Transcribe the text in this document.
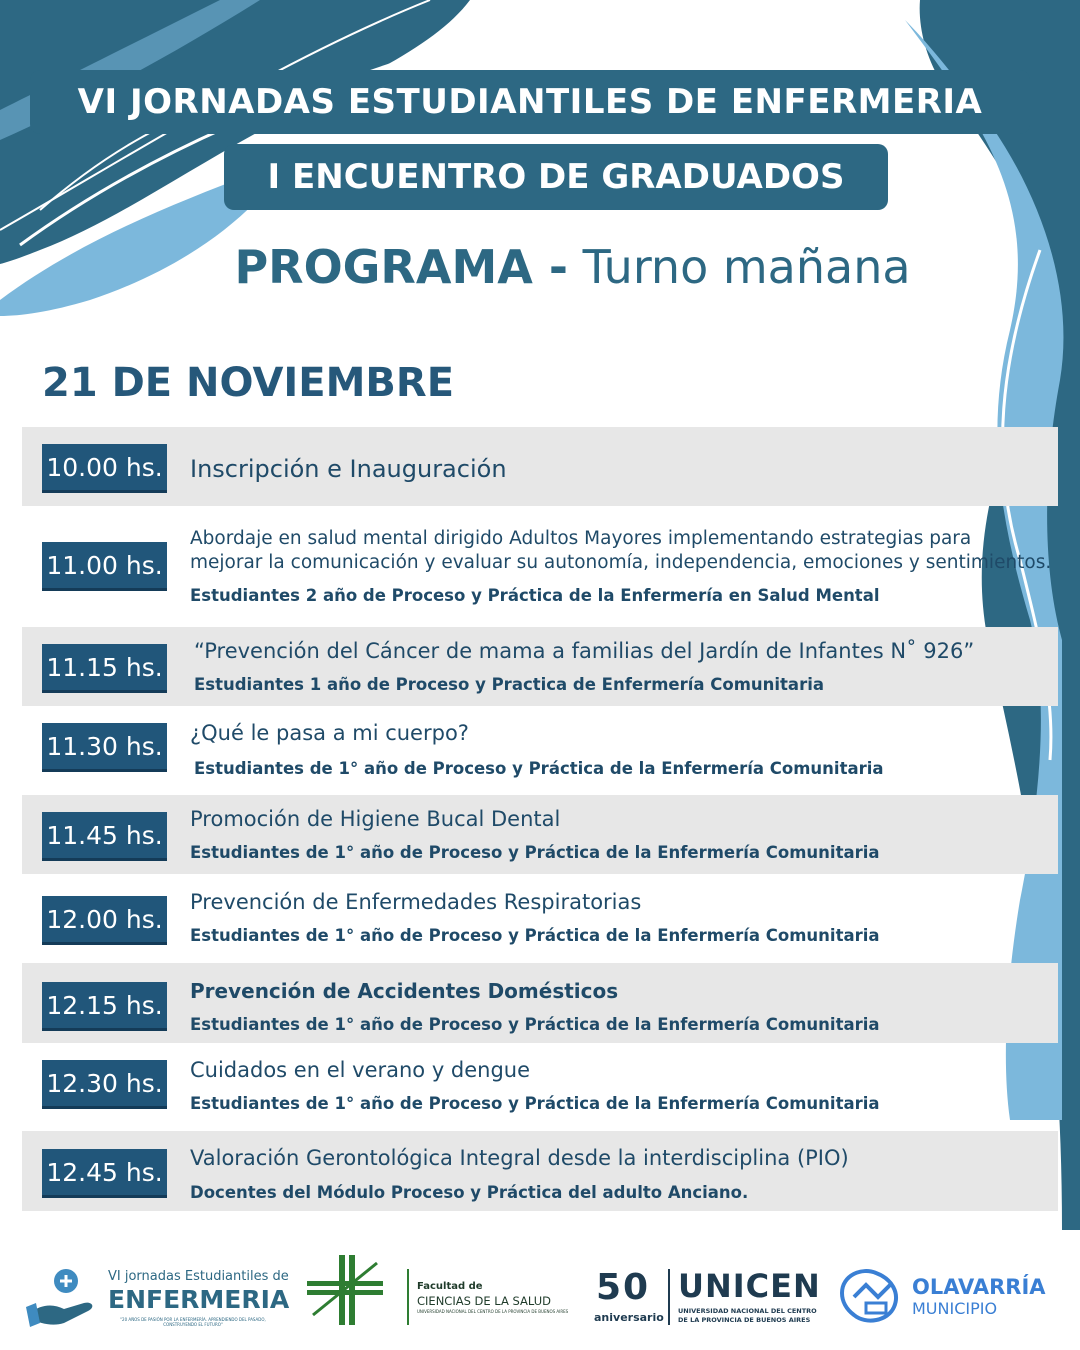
VI JORNADAS ESTUDIANTILES DE ENFERMERIA
I ENCUENTRO DE GRADUADOS
PROGRAMA - Turno mañana
21 DE NOVIEMBRE
10.00 hs. Inscripción e Inauguración
11.00 hs.
Abordaje en salud mental dirigido Adultos Mayores implementando estrategias para
mejorar la comunicación y evaluar su autonomía, independencia, emociones y sentimientos.
Estudiantes 2 año de Proceso y Práctica de la Enfermería en Salud Mental
11.15 hs.
“Prevención del Cáncer de mama a familias del Jardín de Infantes N˚ 926”
Estudiantes 1 año de Proceso y Practica de Enfermería Comunitaria
11.30 hs. ¿Qué le pasa a mi cuerpo?
Estudiantes de 1° año de Proceso y Práctica de la Enfermería Comunitaria
11.45 hs.
Promoción de Higiene Bucal Dental
Estudiantes de 1° año de Proceso y Práctica de la Enfermería Comunitaria
12.00 hs.
Prevención de Enfermedades Respiratorias
Estudiantes de 1° año de Proceso y Práctica de la Enfermería Comunitaria
12.15 hs. Prevención de Accidentes Domésticos
Estudiantes de 1° año de Proceso y Práctica de la Enfermería Comunitaria
12.30 hs. Cuidados en el verano y dengue
Estudiantes de 1° año de Proceso y Práctica de la Enfermería Comunitaria
12.45 hs. Valoración Gerontológica Integral desde la interdisciplina (PIO)
Docentes del Módulo Proceso y Práctica del adulto Anciano.
VI jornadas Estudiantiles de
ENFERMERIA
"20 AÑOS DE PASIÓN POR LA ENFERMERÍA. APRENDIENDO DEL PASADO, CONSTRUYENDO EL FUTURO"
Facultad de
CIENCIAS DE LA SALUD
UNIVERSIDAD NACIONAL DEL CENTRO DE LA PROVINCIA DE BUENOS AIRES
50
aniversario
UNICEN
UNIVERSIDAD NACIONAL DEL CENTRO
DE LA PROVINCIA DE BUENOS AIRES
OLAVARRÍA
MUNICIPIO
